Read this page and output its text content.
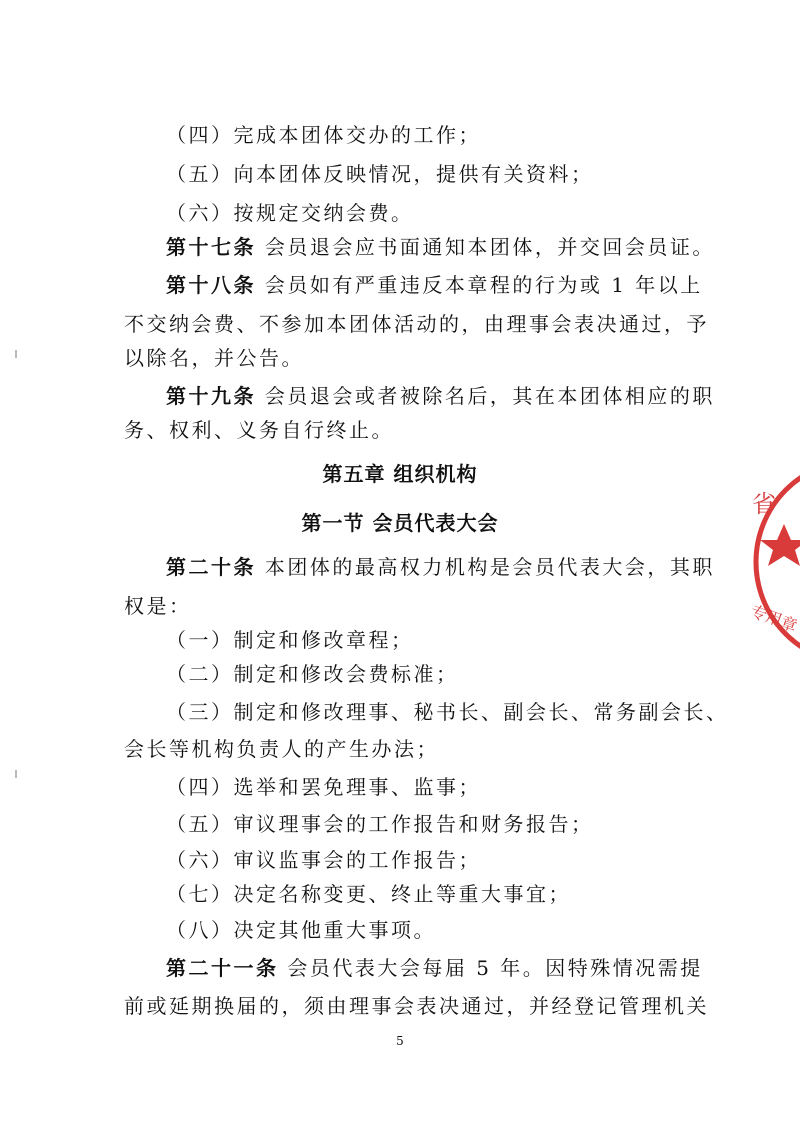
（四）完成本团体交办的工作；
（五）向本团体反映情况，提供有关资料；
（六）按规定交纳会费。
第十七条 会员退会应书面通知本团体，并交回会员证。
第十八条 会员如有严重违反本章程的行为或 1 年以上
不交纳会费、不参加本团体活动的，由理事会表决通过，予
以除名，并公告。
第十九条 会员退会或者被除名后，其在本团体相应的职
务、权利、义务自行终止。
第五章 组织机构
第一节 会员代表大会
第二十条 本团体的最高权力机构是会员代表大会，其职
权是：
（一）制定和修改章程；
（二）制定和修改会费标准；
（三）制定和修改理事、秘书长、副会长、常务副会长、
会长等机构负责人的产生办法；
（四）选举和罢免理事、监事；
（五）审议理事会的工作报告和财务报告；
（六）审议监事会的工作报告；
（七）决定名称变更、终止等重大事宜；
（八）决定其他重大事项。
第二十一条 会员代表大会每届 5 年。因特殊情况需提
前或延期换届的，须由理事会表决通过，并经登记管理机关
5
省
专用章
